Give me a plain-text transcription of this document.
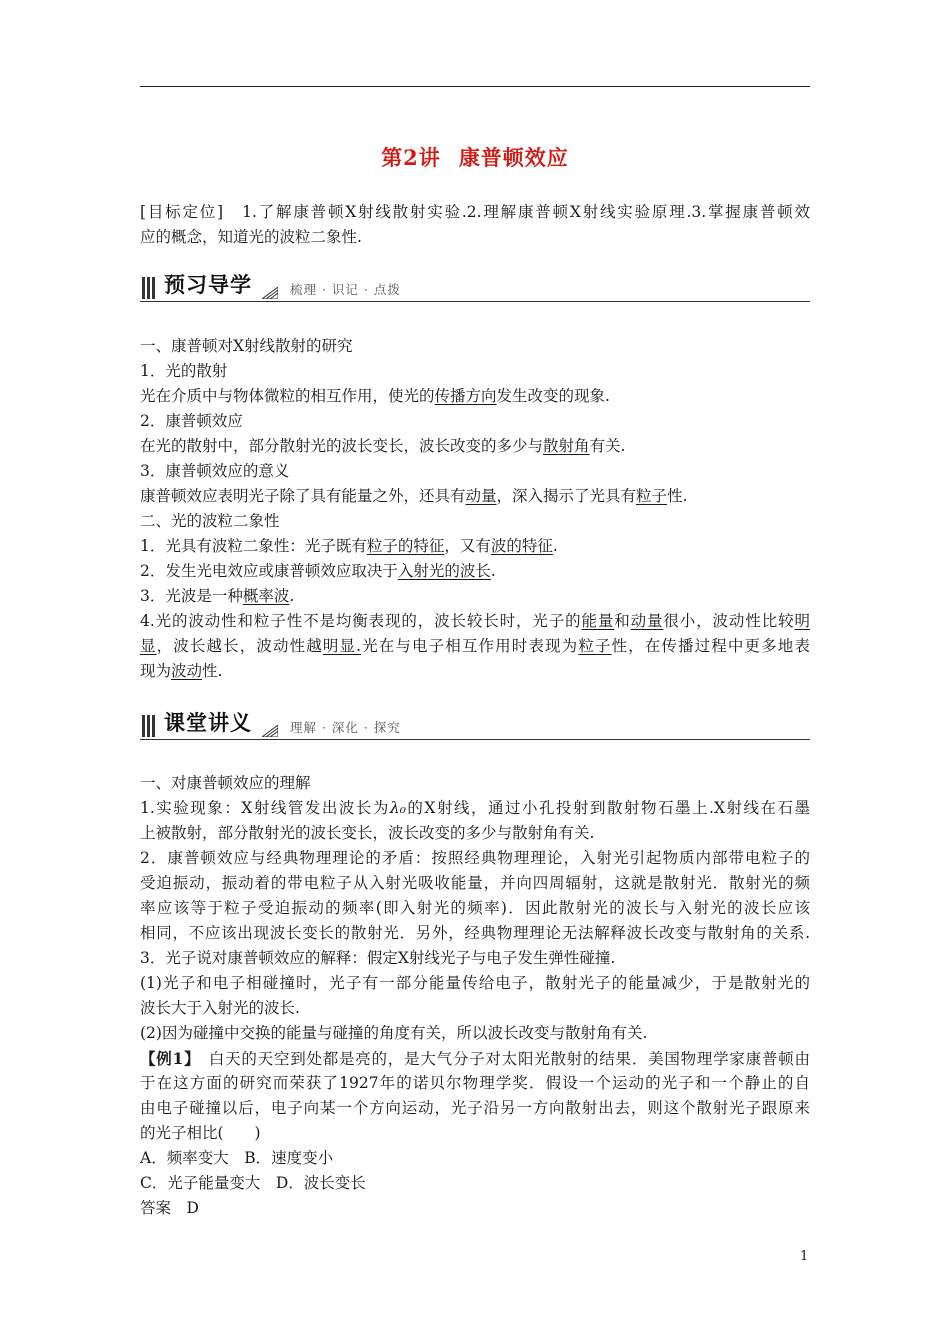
第2讲 康普顿效应
[目标定位]　1.了解康普顿X射线散射实验.2.理解康普顿X射线实验原理.3.掌握康普顿效
应的概念，知道光的波粒二象性.
预习导学	梳理 · 识记 · 点拨
一、康普顿对X射线散射的研究
1．光的散射
光在介质中与物体微粒的相互作用，使光的传播方向发生改变的现象.
2．康普顿效应
在光的散射中，部分散射光的波长变长，波长改变的多少与散射角有关.
3．康普顿效应的意义
康普顿效应表明光子除了具有能量之外，还具有动量，深入揭示了光具有粒子性.
二、光的波粒二象性
1．光具有波粒二象性：光子既有粒子的特征，又有波的特征.
2．发生光电效应或康普顿效应取决于入射光的波长.
3．光波是一种概率波.
4.光的波动性和粒子性不是均衡表现的，波长较长时，光子的能量和动量很小，波动性比较明
显，波长越长，波动性越明显.光在与电子相互作用时表现为粒子性，在传播过程中更多地表
现为波动性.
课堂讲义	理解 · 深化 · 探究
一、对康普顿效应的理解
1.实验现象：X射线管发出波长为λ₀的X射线，通过小孔投射到散射物石墨上.X射线在石墨
上被散射，部分散射光的波长变长，波长改变的多少与散射角有关.
2．康普顿效应与经典物理理论的矛盾：按照经典物理理论，入射光引起物质内部带电粒子的
受迫振动，振动着的带电粒子从入射光吸收能量，并向四周辐射，这就是散射光．散射光的频
率应该等于粒子受迫振动的频率(即入射光的频率)．因此散射光的波长与入射光的波长应该
相同，不应该出现波长变长的散射光．另外，经典物理理论无法解释波长改变与散射角的关系.
3．光子说对康普顿效应的解释：假定X射线光子与电子发生弹性碰撞.
(1)光子和电子相碰撞时，光子有一部分能量传给电子，散射光子的能量减少，于是散射光的
波长大于入射光的波长.
(2)因为碰撞中交换的能量与碰撞的角度有关，所以波长改变与散射角有关.
【例1】　白天的天空到处都是亮的，是大气分子对太阳光散射的结果．美国物理学家康普顿由
于在这方面的研究而荣获了1927年的诺贝尔物理学奖．假设一个运动的光子和一个静止的自
由电子碰撞以后，电子向某一个方向运动，光子沿另一方向散射出去，则这个散射光子跟原来
的光子相比(　　)
A．频率变大　B．速度变小
C．光子能量变大　D．波长变长
答案　D
1
